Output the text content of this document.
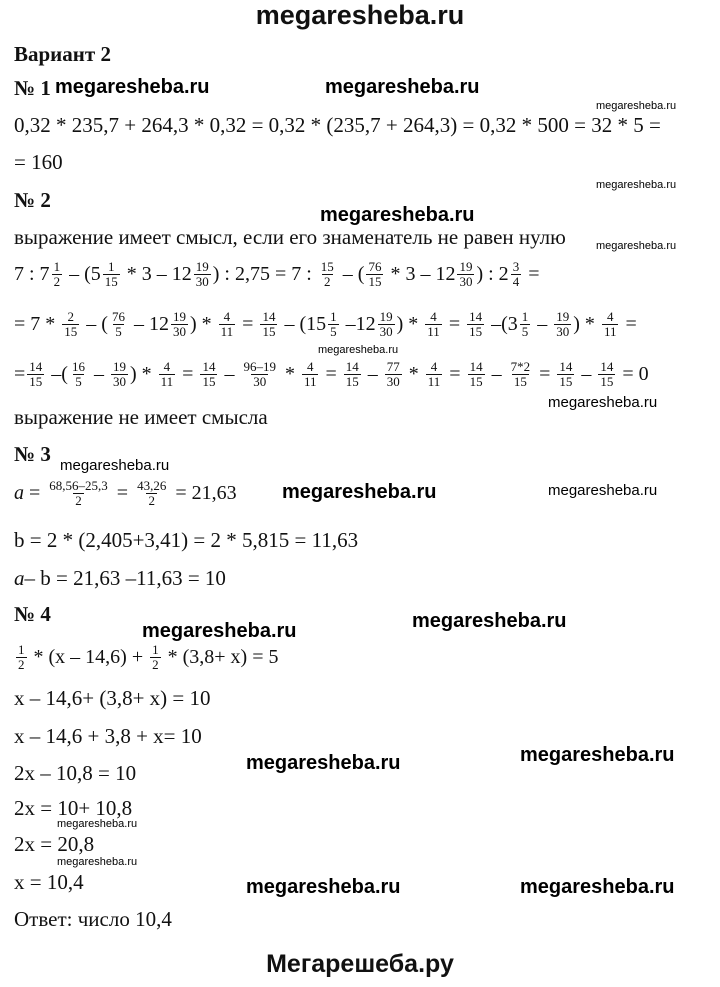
megaresheba.ru
Вариант 2
№ 1
0,32 * 235,7 + 264,3 * 0,32 = 0,32 * (235,7 + 264,3) = 0,32 * 500 = 32 * 5 =
= 160
№ 2
выражение имеет смысл, если его знаменатель не равен нулю
7 : $7 \frac{1}{2} - (5 \frac{1}{15} * 3 - 12 \frac{19}{30}$ ) : 2,75 = 7 : $\frac{15}{2}$ – ( $\frac{76}{15} * 3 - 12 \frac{19}{30}$ ) : $2 \frac{3}{4}$ =
= $7 * \frac{2}{15}$ – ( $\frac{76}{5} - 12 \frac{19}{30}$ ) * $\frac{4}{11} = \frac{14}{15} - (15 \frac{1}{5} -12 \frac{19}{30}$ ) * $\frac{4}{11} = \frac{14}{15} -(3 \frac{1}{5} - \frac{19}{30}$ ) * $\frac{4}{11}$ =
= $\frac{14}{15}$ –( $\frac{16}{5} - \frac{19}{30}$ ) * $\frac{4}{11} = \frac{14}{15} - \frac{96-19}{30} * \frac{4}{11} = \frac{14}{15} - \frac{77}{30} * \frac{4}{11} = \frac{14}{15} - \frac{7*2}{15} = \frac{14}{15} - \frac{14}{15} = 0$
выражение не имеет смысла
№ 3
$a = \frac{68,56-25,3}{2} = \frac{43,26}{2} = 21,63$
b = 2 * (2,405+3,41) = 2 * 5,815 = 11,63
a– b = 21,63 –11,63 = 10
№ 4
$\frac{1}{2} * (x - 14,6) + \frac{1}{2} * (3,8+ x) = 5$
x – 14,6+ (3,8+ x) = 10
x – 14,6 + 3,8 + x= 10
2x – 10,8 = 10
2x = 10+ 10,8
2x = 20,8
x = 10,4
Ответ: число 10,4
megaresheba.ru	megaresheba.ru
megaresheba.ru
megaresheba.ru
megaresheba.ru
megaresheba.ru
megaresheba.ru
megaresheba.ru
megaresheba.ru
megaresheba.ru	megaresheba.ru
megaresheba.ru
megaresheba.ru
megaresheba.ru
megaresheba.ru
megaresheba.ru
megaresheba.ru
megaresheba.ru	megaresheba.ru
Мегарешеба.ру
